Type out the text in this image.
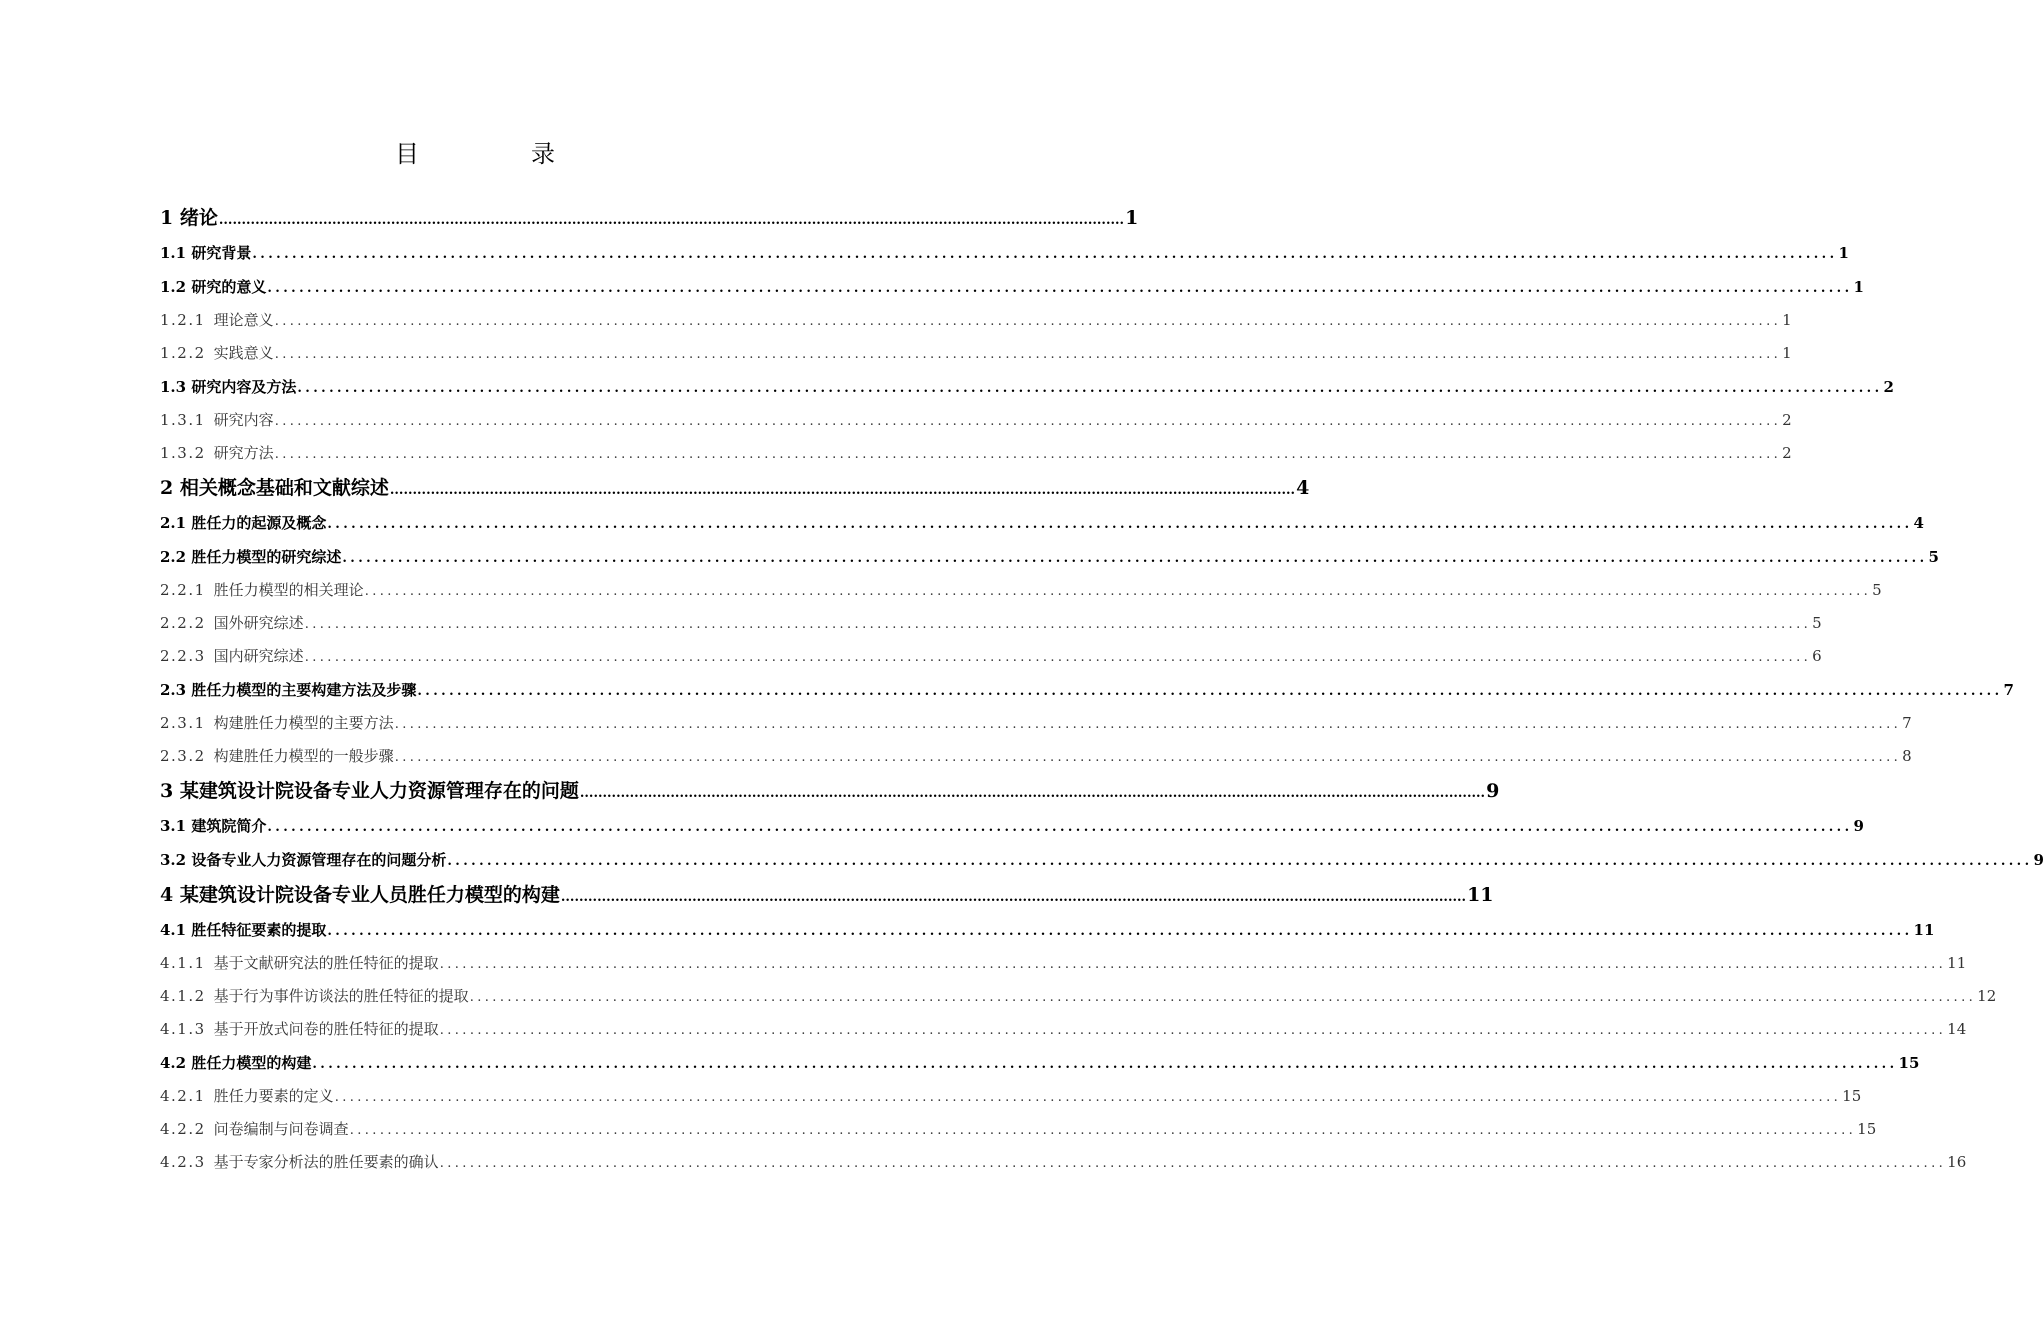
目　录
1 绪论 ........................................................................................................................................................................................................ 1
1.1 研究背景 ........................................................................................................................................................................................................ 1
1.2 研究的意义 ........................................................................................................................................................................................................ 1
1.2.1 理论意义 ........................................................................................................................................................................................................ 1
1.2.2 实践意义 ........................................................................................................................................................................................................ 1
1.3 研究内容及方法 ........................................................................................................................................................................................................ 2
1.3.1 研究内容 ........................................................................................................................................................................................................ 2
1.3.2 研究方法 ........................................................................................................................................................................................................ 2
2 相关概念基础和文献综述 ........................................................................................................................................................................................................ 4
2.1 胜任力的起源及概念 ........................................................................................................................................................................................................ 4
2.2 胜任力模型的研究综述 ........................................................................................................................................................................................................ 5
2.2.1 胜任力模型的相关理论 ........................................................................................................................................................................................................ 5
2.2.2 国外研究综述 ........................................................................................................................................................................................................ 5
2.2.3 国内研究综述 ........................................................................................................................................................................................................ 6
2.3 胜任力模型的主要构建方法及步骤 ........................................................................................................................................................................................................ 7
2.3.1 构建胜任力模型的主要方法 ........................................................................................................................................................................................................ 7
2.3.2 构建胜任力模型的一般步骤 ........................................................................................................................................................................................................ 8
3 某建筑设计院设备专业人力资源管理存在的问题 ........................................................................................................................................................................................................ 9
3.1 建筑院简介 ........................................................................................................................................................................................................ 9
3.2 设备专业人力资源管理存在的问题分析 ........................................................................................................................................................................................................ 9
4 某建筑设计院设备专业人员胜任力模型的构建 ........................................................................................................................................................................................................ 11
4.1 胜任特征要素的提取 ........................................................................................................................................................................................................ 11
4.1.1 基于文献研究法的胜任特征的提取 ........................................................................................................................................................................................................ 11
4.1.2 基于行为事件访谈法的胜任特征的提取 ........................................................................................................................................................................................................ 12
4.1.3 基于开放式问卷的胜任特征的提取 ........................................................................................................................................................................................................ 14
4.2 胜任力模型的构建 ........................................................................................................................................................................................................ 15
4.2.1 胜任力要素的定义 ........................................................................................................................................................................................................ 15
4.2.2 问卷编制与问卷调查 ........................................................................................................................................................................................................ 15
4.2.3 基于专家分析法的胜任要素的确认 ........................................................................................................................................................................................................ 16
